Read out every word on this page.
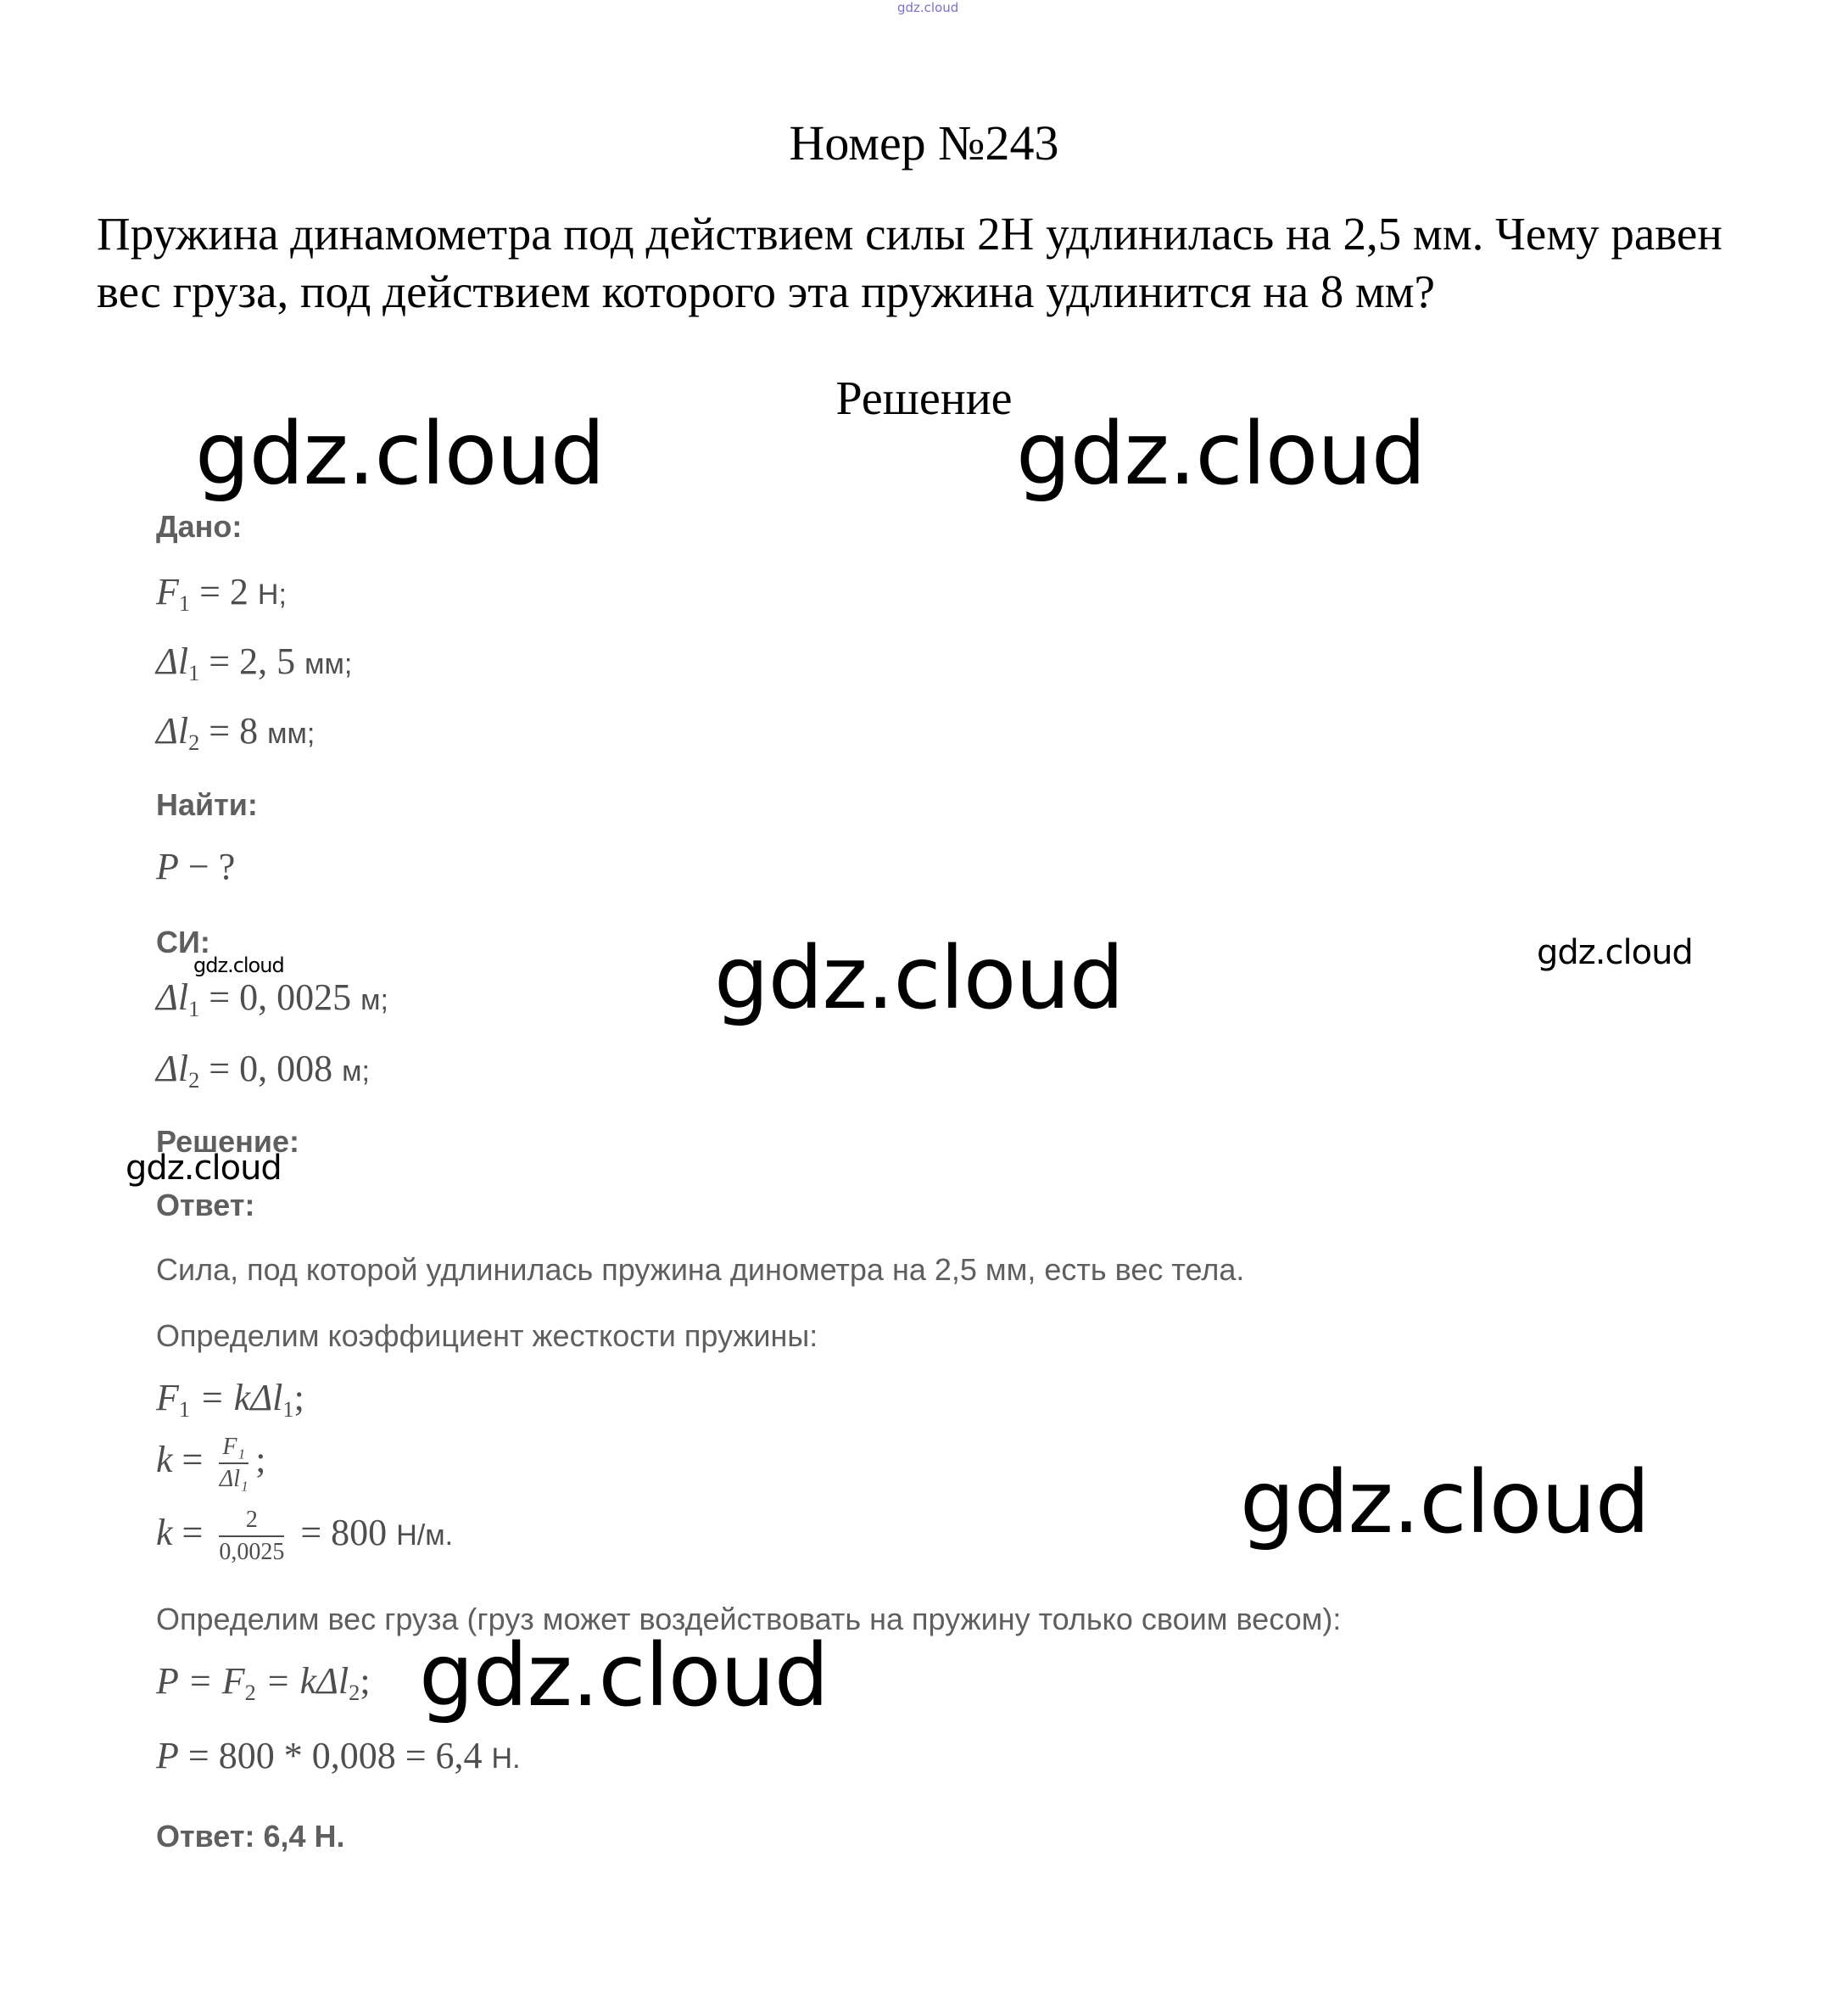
gdz.cloud
Номер №243
Пружина динамометра под действием силы 2Н удлинилась на 2,5 мм. Чему равен вес груза, под действием которого эта пружина удлинится на 8 мм?
Решение
Дано:
$F_1 = 2$ Н;
$\Delta l_1 = 2$, 5 мм;
$\Delta l_2 = 8$ мм;
Найти:
P − ?
СИ:
$\Delta l_1 = 0$, 0025 м;
$\Delta l_2 = 0$, 008 м;
Решение:
Ответ:
Сила, под которой удлинилась пружина динометра на 2,5 мм, есть вес тела.
Определим коэффициент жесткости пружины:
$F_1 = k\Delta l_1$;
$k = \frac{\text{F₁}}{\text{Δl₁}}$ ;
$k = \frac{2}{0,0025} = 800$ Н/м.
Определим вес груза (груз может воздействовать на пружину только своим весом):
$P = F_2 = k\Delta l_2$;
P = 800 * 0,008 = 6,4 Н.
Ответ: 6,4 Н.
gdz.cloud	gdz.cloud
gdz.cloud	gdz.cloud	gdz.cloud
gdz.cloud
gdz.cloud
gdz.cloud
